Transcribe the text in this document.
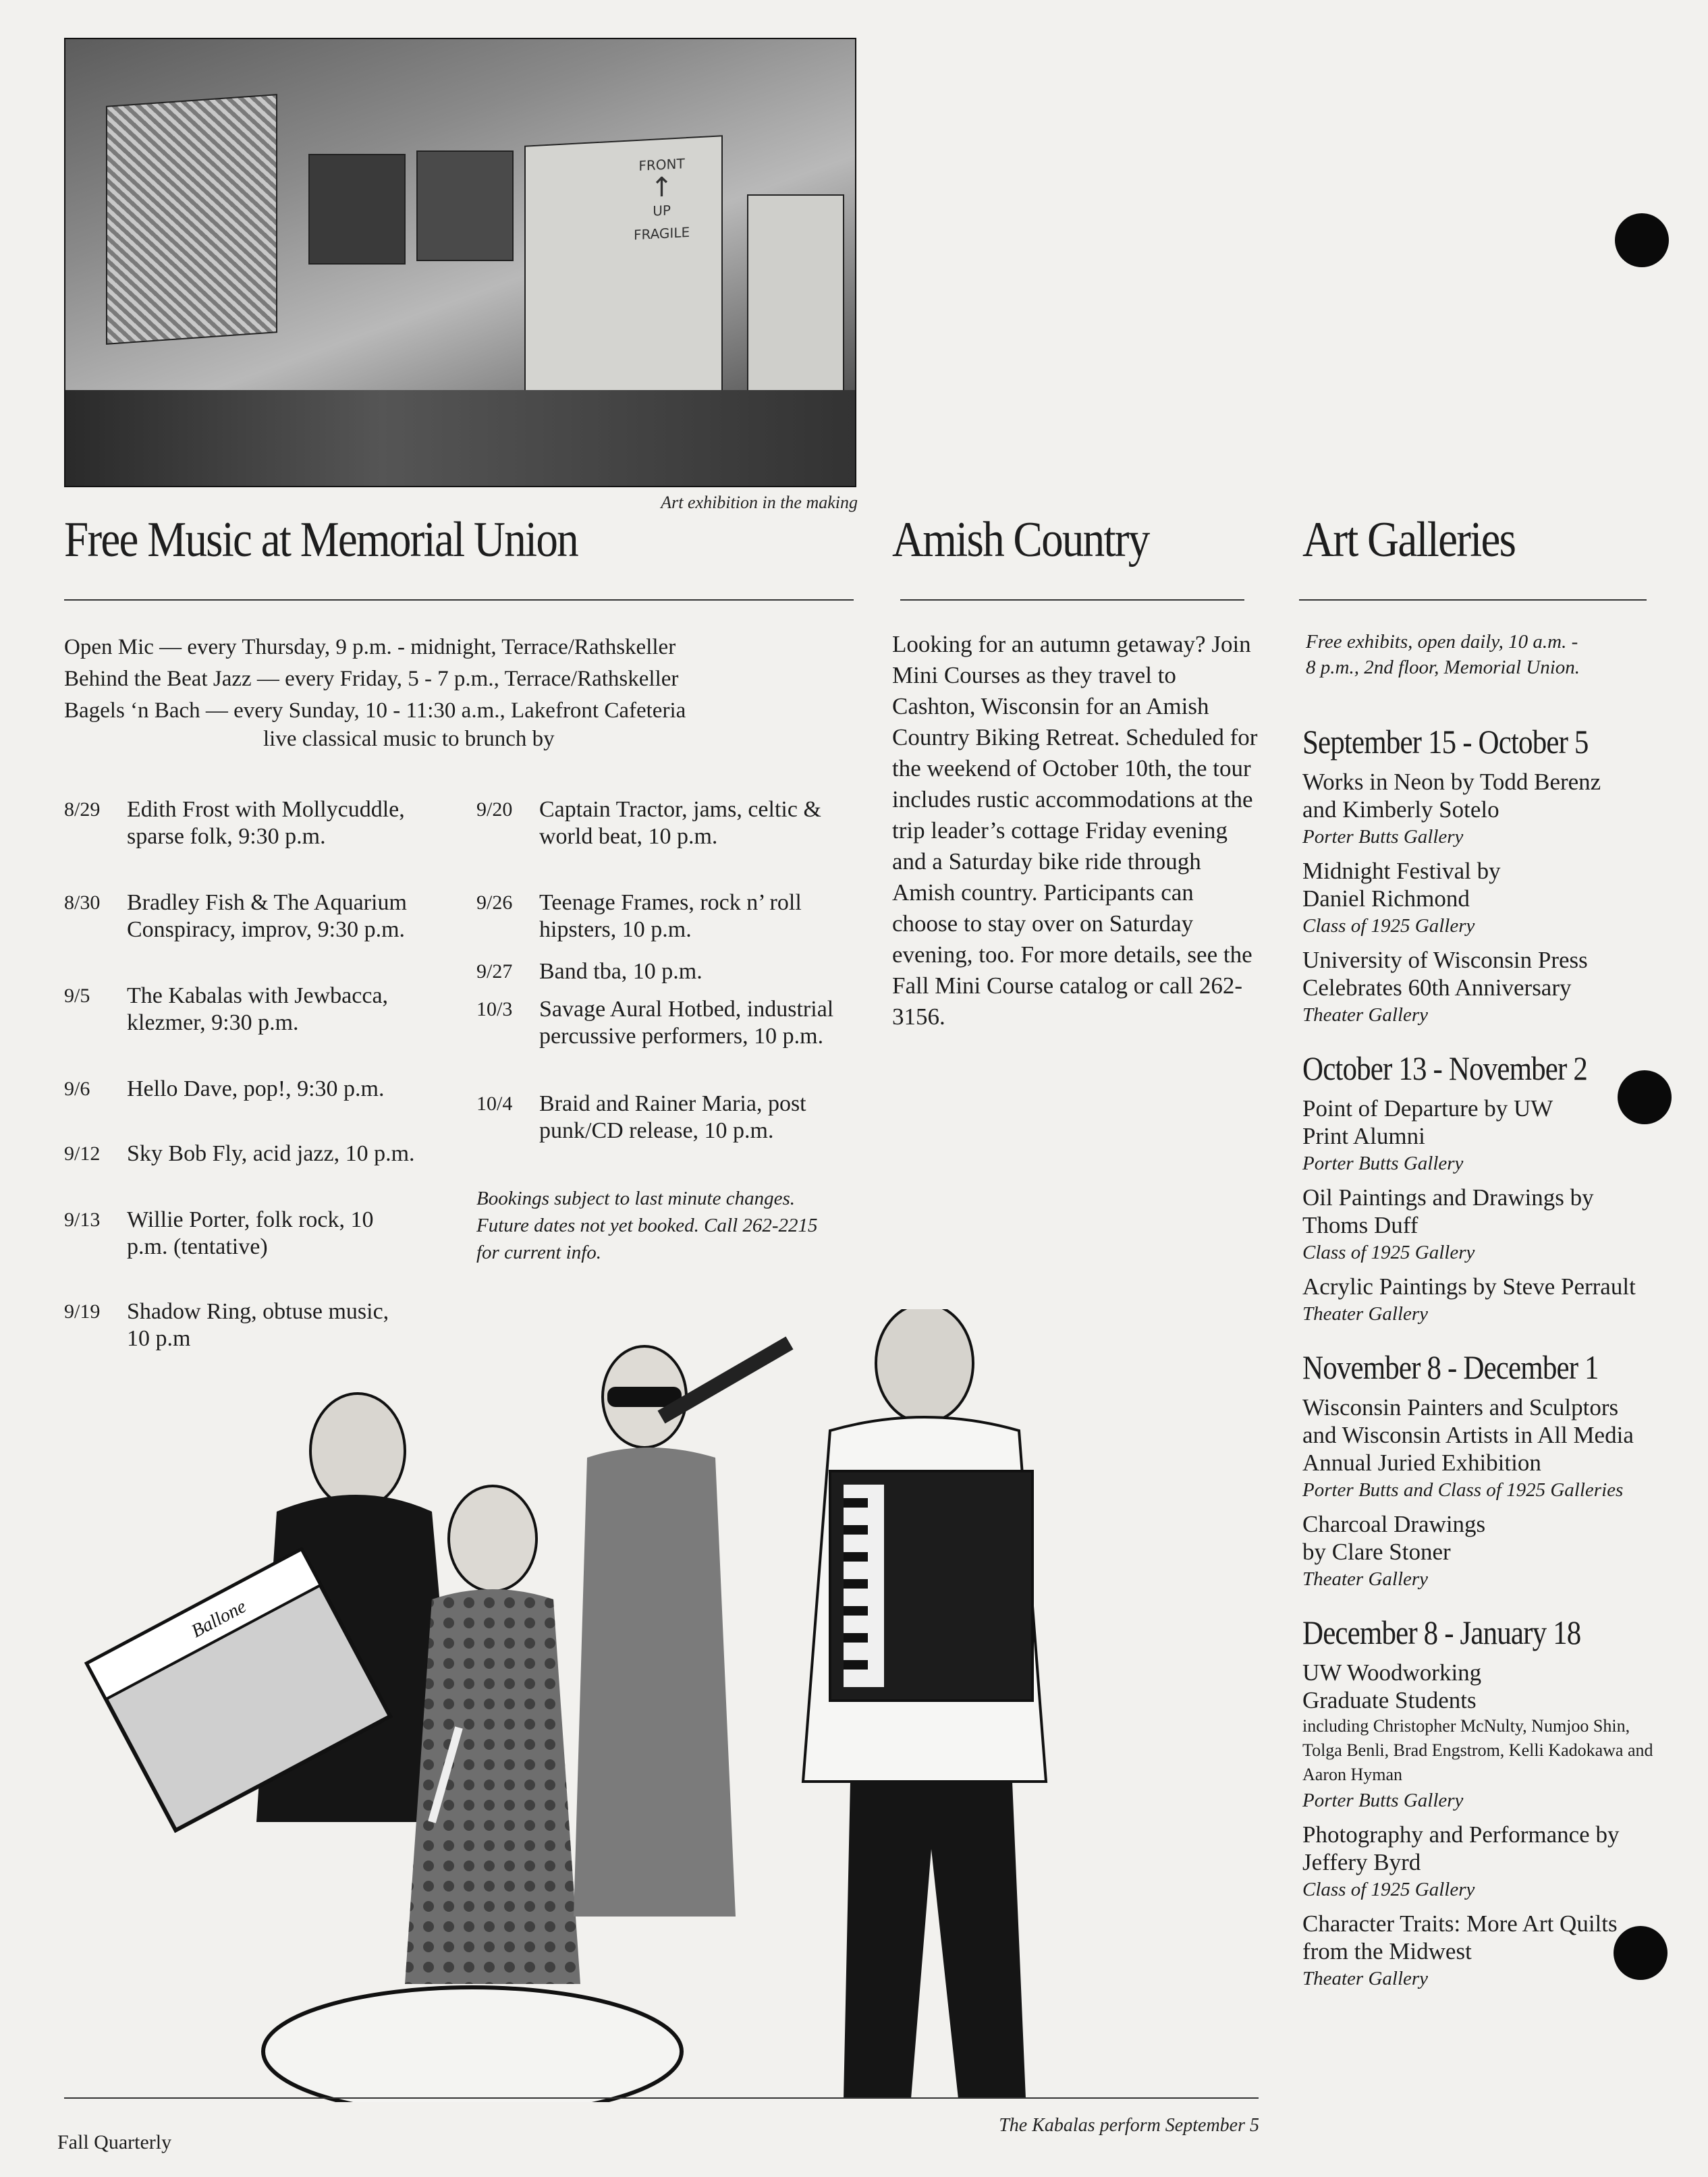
FRONT
↑
UP
FRAGILE
Art exhibition in the making
Free Music at Memorial Union
Open Mic — every Thursday, 9 p.m. - midnight, Terrace/Rathskeller
Behind the Beat Jazz — every Friday, 5 - 7 p.m., Terrace/Rathskeller
Bagels ‘n Bach — every Sunday, 10 - 11:30 a.m., Lakefront Cafeteria
live classical music to brunch by
8/29	Edith Frost with Mollycuddle, sparse folk, 9:30 p.m.
8/30	Bradley Fish & The Aquarium Conspiracy, improv, 9:30 p.m.
9/5	The Kabalas with Jewbacca, klezmer, 9:30 p.m.
9/6	Hello Dave, pop!, 9:30 p.m.
9/12	Sky Bob Fly, acid jazz, 10 p.m.
9/13	Willie Porter, folk rock, 10 p.m. (tentative)
9/19	Shadow Ring, obtuse music, 10 p.m
9/20	Captain Tractor, jams, celtic & world beat, 10 p.m.
9/26	Teenage Frames, rock n’ roll hipsters, 10 p.m.
9/27	Band tba, 10 p.m.
10/3	Savage Aural Hotbed, industrial percussive performers, 10 p.m.
10/4	Braid and Rainer Maria, post punk/CD release, 10 p.m.
Bookings subject to last minute changes. Future dates not yet booked. Call 262-2215 for current info.
Amish Country
Looking for an autumn getaway? Join Mini Courses as they travel to Cashton, Wisconsin for an Amish Country Biking Retreat. Scheduled for the weekend of October 10th, the tour includes rustic accommodations at the trip leader’s cottage Friday evening and a Saturday bike ride through Amish country. Participants can choose to stay over on Saturday evening, too. For more details, see the Fall Mini Course catalog or call 262-3156.
Art Galleries
Free exhibits, open daily, 10 a.m. - 8 p.m., 2nd floor, Memorial Union.
September 15 - October 5
Works in Neon by Todd Berenz and Kimberly Sotelo
Porter Butts Gallery
Midnight Festival by Daniel Richmond
Class of 1925 Gallery
University of Wisconsin Press Celebrates 60th Anniversary
Theater Gallery
October 13 - November 2
Point of Departure by UW Print Alumni
Porter Butts Gallery
Oil Paintings and Drawings by Thoms Duff
Class of 1925 Gallery
Acrylic Paintings by Steve Perrault
Theater Gallery
November 8 - December 1
Wisconsin Painters and Sculptors and Wisconsin Artists in All Media Annual Juried Exhibition
Porter Butts and Class of 1925 Galleries
Charcoal Drawings by Clare Stoner
Theater Gallery
December 8 - January 18
UW Woodworking Graduate Students
including Christopher McNulty, Numjoo Shin, Tolga Benli, Brad Engstrom, Kelli Kadokawa and Aaron Hyman
Porter Butts Gallery
Photography and Performance by Jeffery Byrd
Class of 1925 Gallery
Character Traits: More Art Quilts from the Midwest
Theater Gallery
Ballone
The Kabalas perform September 5
Fall Quarterly
